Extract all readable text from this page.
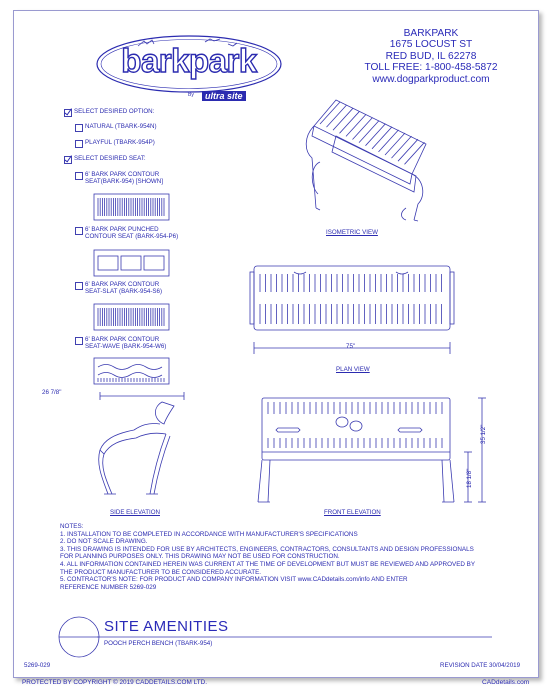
barkpark
By	ultra site
BARKPARK
1675 LOCUST ST
RED BUD, IL 62278
TOLL FREE: 1-800-458-5872
www.dogparkproduct.com
SELECT DESIRED OPTION:
NATURAL (TBARK-954N)
PLAYFUL (TBARK-954P)
SELECT DESIRED SEAT:
6' BARK PARK CONTOUR
SEAT(BARK-954) [SHOWN]
6' BARK PARK PUNCHED
CONTOUR SEAT (BARK-954-P6)
6' BARK PARK CONTOUR
SEAT-SLAT (BARK-954-S6)
6' BARK PARK CONTOUR
SEAT-WAVE (BARK-954-W6)
ISOMETRIC VIEW
75"
PLAN VIEW
26 7/8"
SIDE ELEVATION
35 1/2"
18 1/8"
FRONT ELEVATION
NOTES:
1. INSTALLATION TO BE COMPLETED IN ACCORDANCE WITH MANUFACTURER'S SPECIFICATIONS
2. DO NOT SCALE DRAWING.
3. THIS DRAWING IS INTENDED FOR USE BY ARCHITECTS, ENGINEERS, CONTRACTORS, CONSULTANTS AND DESIGN PROFESSIONALS
FOR PLANNING PURPOSES ONLY. THIS DRAWING MAY NOT BE USED FOR CONSTRUCTION.
4. ALL INFORMATION CONTAINED HEREIN WAS CURRENT AT THE TIME OF DEVELOPMENT BUT MUST BE REVIEWED AND APPROVED BY
THE PRODUCT MANUFACTURER TO BE CONSIDERED ACCURATE.
5. CONTRACTOR'S NOTE: FOR PRODUCT AND COMPANY INFORMATION VISIT www.CADdetails.com/info AND ENTER
REFERENCE NUMBER 5269-029
SITE AMENITIES
POOCH PERCH BENCH (TBARK-954)
5269-029	REVISION DATE 30/04/2019
PROTECTED BY COPYRIGHT © 2019 CADDETAILS.COM LTD.	CADdetails.com
